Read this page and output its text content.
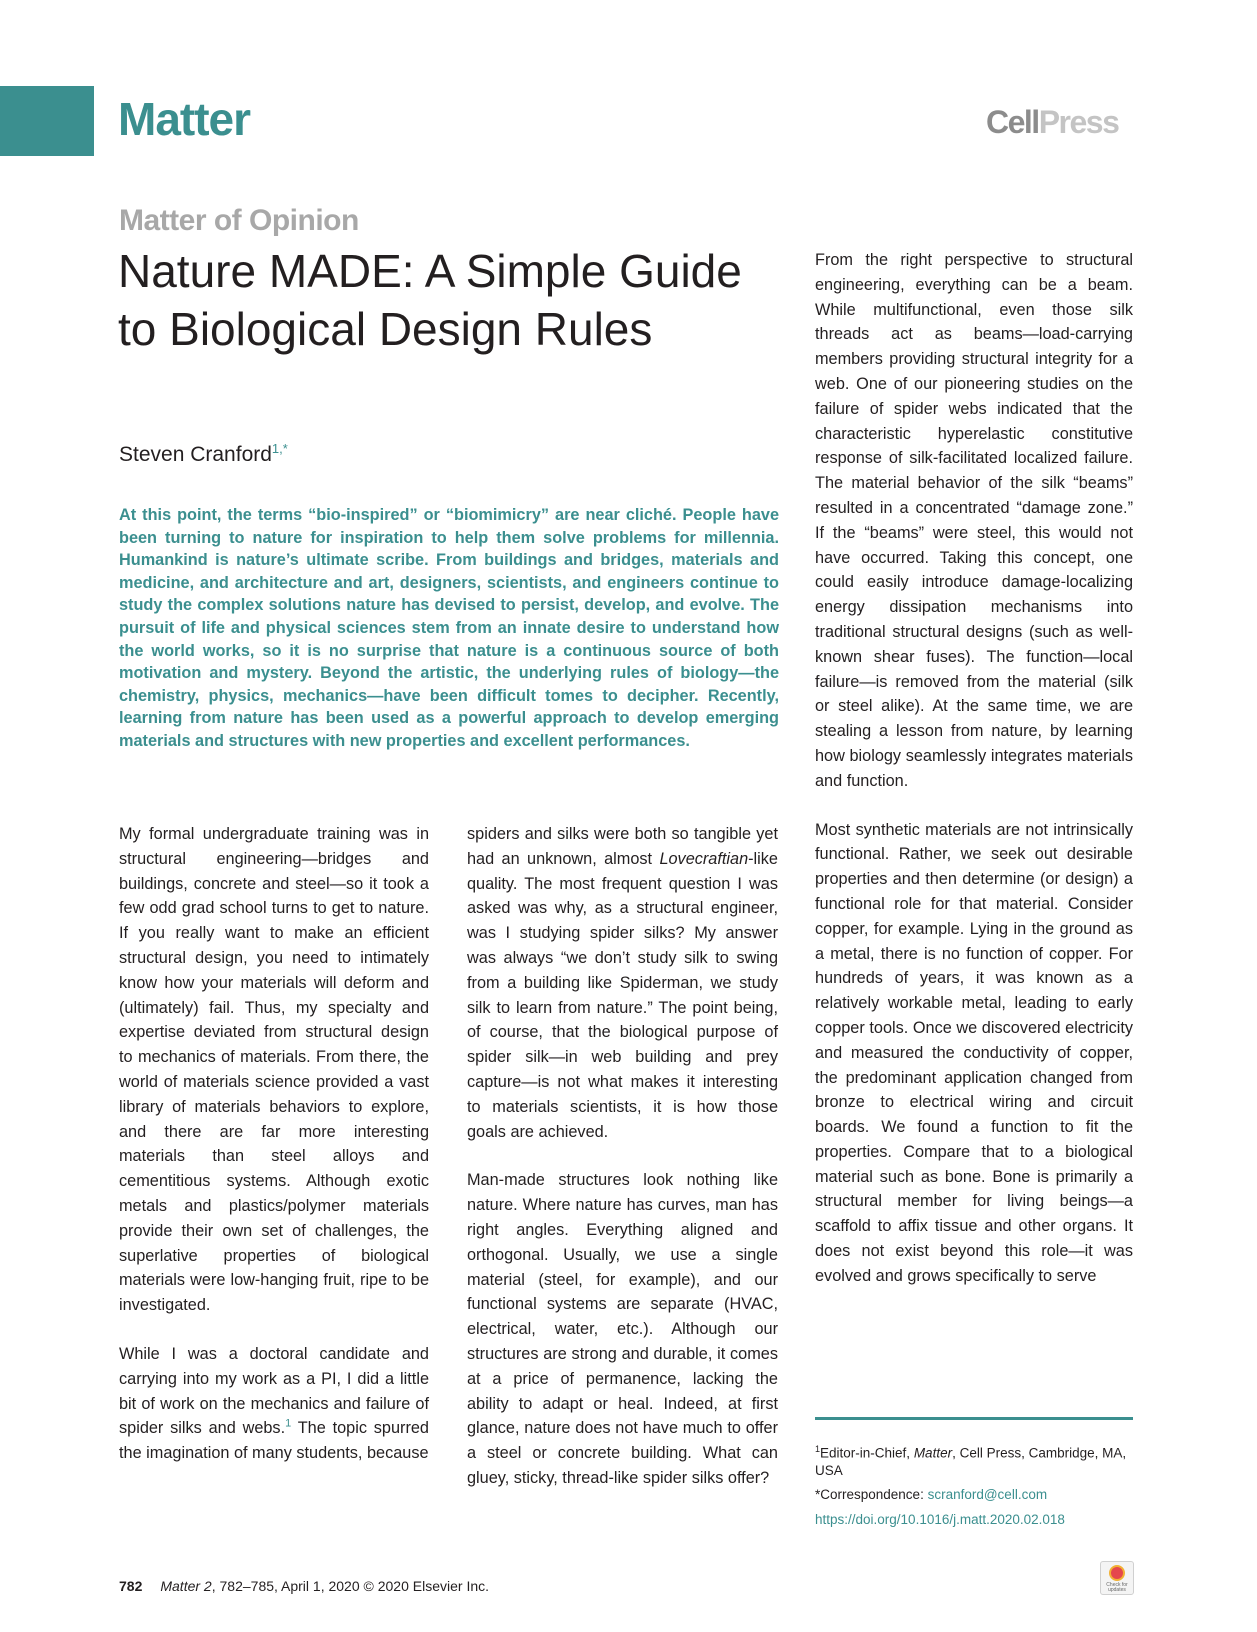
Matter	CellPress
Matter of Opinion
Nature MADE: A Simple Guide to Biological Design Rules
Steven Cranford$^{1,*}$

At this point, the terms “bio-inspired” or “biomimicry” are near cliché. People have been turning to nature for inspiration to help them solve problems for millennia. Humankind is nature’s ultimate scribe. From buildings and bridges, materials and medicine, and architecture and art, designers, scientists, and engineers continue to study the complex solutions nature has devised to persist, develop, and evolve. The pursuit of life and physical sciences stem from an innate desire to understand how the world works, so it is no surprise that nature is a continuous source of both motivation and mystery. Beyond the artistic, the underlying rules of biology—the chemistry, physics, mechanics—have been difficult tomes to decipher. Recently, learning from nature has been used as a powerful approach to develop emerging materials and structures with new properties and excellent performances.

My formal undergraduate training was in structural engineering—bridges and buildings, concrete and steel—so it took a few odd grad school turns to get to nature. If you really want to make an efficient structural design, you need to intimately know how your materials will deform and (ultimately) fail. Thus, my specialty and expertise deviated from structural design to mechanics of materials. From there, the world of materials science provided a vast library of materials behaviors to explore, and there are far more interesting materials than steel alloys and cementitious systems. Although exotic metals and plastics/polymer materials provide their own set of challenges, the superlative properties of biological materials were low-hanging fruit, ripe to be investigated.

While I was a doctoral candidate and carrying into my work as a PI, I did a little bit of work on the mechanics and failure of spider silks and webs.$^1$ The topic spurred the imagination of many students, because

spiders and silks were both so tangible yet had an unknown, almost Lovecraftian-like quality. The most frequent question I was asked was why, as a structural engineer, was I studying spider silks? My answer was always “we don’t study silk to swing from a building like Spiderman, we study silk to learn from nature.” The point being, of course, that the biological purpose of spider silk—in web building and prey capture—is not what makes it interesting to materials scientists, it is how those goals are achieved.

Man-made structures look nothing like nature. Where nature has curves, man has right angles. Everything aligned and orthogonal. Usually, we use a single material (steel, for example), and our functional systems are separate (HVAC, electrical, water, etc.). Although our structures are strong and durable, it comes at a price of permanence, lacking the ability to adapt or heal. Indeed, at first glance, nature does not have much to offer a steel or concrete building. What can gluey, sticky, thread-like spider silks offer?

From the right perspective to structural engineering, everything can be a beam. While multifunctional, even those silk threads act as beams—load-carrying members providing structural integrity for a web. One of our pioneering studies on the failure of spider webs indicated that the characteristic hyperelastic constitutive response of silk-facilitated localized failure. The material behavior of the silk “beams” resulted in a concentrated “damage zone.” If the “beams” were steel, this would not have occurred. Taking this concept, one could easily introduce damage-localizing energy dissipation mechanisms into traditional structural designs (such as well-known shear fuses). The function—local failure—is removed from the material (silk or steel alike). At the same time, we are stealing a lesson from nature, by learning how biology seamlessly integrates materials and function.

Most synthetic materials are not intrinsically functional. Rather, we seek out desirable properties and then determine (or design) a functional role for that material. Consider copper, for example. Lying in the ground as a metal, there is no function of copper. For hundreds of years, it was known as a relatively workable metal, leading to early copper tools. Once we discovered electricity and measured the conductivity of copper, the predominant application changed from bronze to electrical wiring and circuit boards. We found a function to fit the properties. Compare that to a biological material such as bone. Bone is primarily a structural member for living beings—a scaffold to affix tissue and other organs. It does not exist beyond this role—it was evolved and grows specifically to serve

$^1$Editor-in-Chief, Matter, Cell Press, Cambridge, MA, USA

*Correspondence: scranford@cell.com

https://doi.org/10.1016/j.matt.2020.02.018

782 Matter 2, 782–785, April 1, 2020 © 2020 Elsevier Inc.	Check for updates
